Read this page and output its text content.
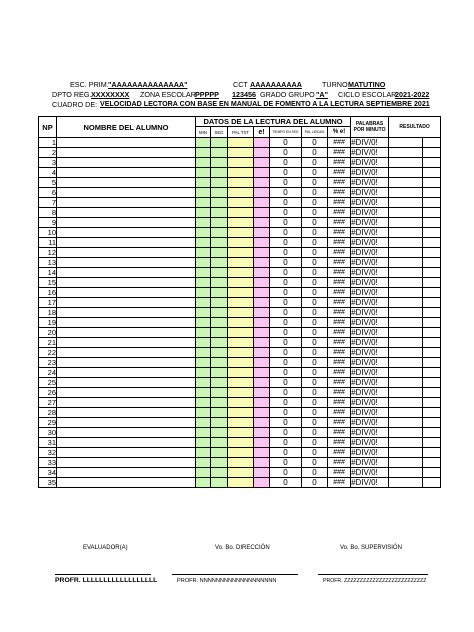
ESC. PRIM. "AAAAAAAAAAAAAA"	CCT AAAAAAAAAA	TURNO MATUTINO
DPTO REG. XXXXXXXX ZONA ESCOLAR PPPPP 123456 GRADO GRUPO "A" CICLO ESCOLAR
2021-2022
CUADRO DE: VELOCIDAD LECTORA CON BASE EN MANUAL DE FOMENTO A LA LECTURA SEPTIEMBRE 2021
NP	NOMBRE DEL ALUMNO	DATOS DE LA LECTURA DEL ALUMNO							PALABRAS POR MINUTO	RESULTADO	
		MIN	SEG	PAL TXT	e!	TIEMPO EN SEG	PAL LEIDAS	% e!			
1						0	0	###	#DIV/0!		
2						0	0	###	#DIV/0!		
3						0	0	###	#DIV/0!		
4						0	0	###	#DIV/0!		
5						0	0	###	#DIV/0!		
6						0	0	###	#DIV/0!		
7						0	0	###	#DIV/0!		
8						0	0	###	#DIV/0!		
9						0	0	###	#DIV/0!		
10						0	0	###	#DIV/0!		
11						0	0	###	#DIV/0!		
12						0	0	###	#DIV/0!		
13						0	0	###	#DIV/0!		
14						0	0	###	#DIV/0!		
15						0	0	###	#DIV/0!		
16						0	0	###	#DIV/0!		
17						0	0	###	#DIV/0!		
18						0	0	###	#DIV/0!		
19						0	0	###	#DIV/0!		
20						0	0	###	#DIV/0!		
21						0	0	###	#DIV/0!		
22						0	0	###	#DIV/0!		
23						0	0	###	#DIV/0!		
24						0	0	###	#DIV/0!		
25						0	0	###	#DIV/0!		
26						0	0	###	#DIV/0!		
27						0	0	###	#DIV/0!		
28						0	0	###	#DIV/0!		
29						0	0	###	#DIV/0!		
30						0	0	###	#DIV/0!		
31						0	0	###	#DIV/0!		
32						0	0	###	#DIV/0!		
33						0	0	###	#DIV/0!		
34						0	0	###	#DIV/0!		
35						0	0	###	#DIV/0!		
EVALUADOR(A)	Vo. Bo. DIRECCIÓN	Vo. Bo. SUPERVISIÓN
PROFR. LLLLLLLLLLLLLLLLLL	PROFR. NNNNNNNNNNNNNNNNNNN	PROFR. ZZZZZZZZZZZZZZZZZZZZZZZZZZ
